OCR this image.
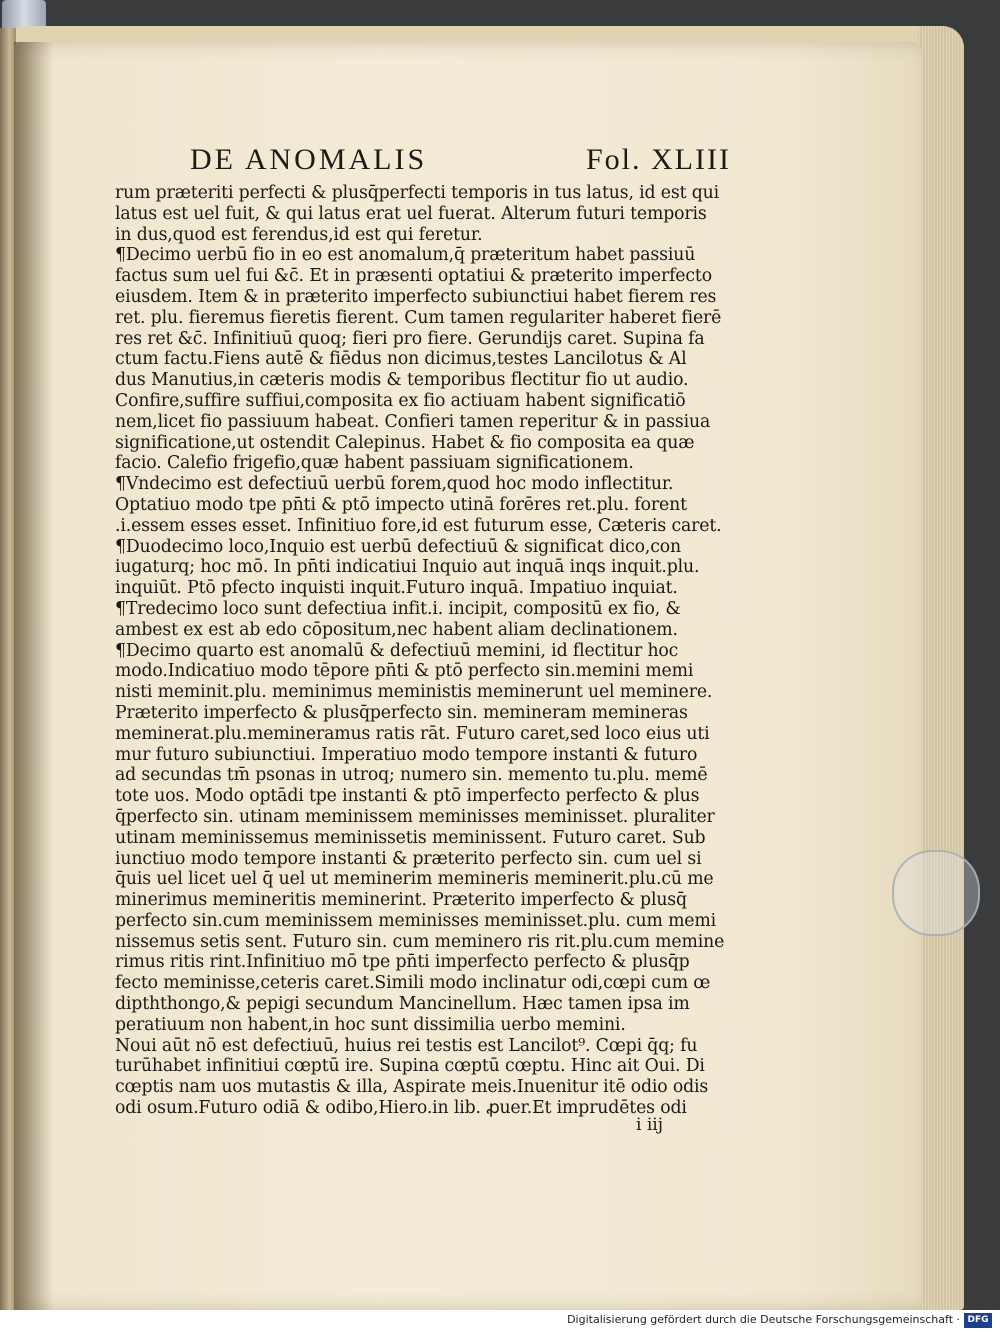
DE ANOMALIS	Fol. XLIII
rum præteriti perfecti & plusq̄perfecti temporis in tus latus, id est qui
latus est uel fuit, & qui latus erat uel fuerat. Alterum futuri temporis
in dus,quod est ferendus,id est qui feretur.
¶Decimo uerbū fio in eo est anomalum,q̄ præteritum habet passiuū
factus sum uel fui &c̄. Et in præsenti optatiui & præterito imperfecto
eiusdem. Item & in præterito imperfecto subiunctiui habet fierem res
ret. plu. fieremus fieretis fierent. Cum tamen regulariter haberet fierē
res ret &c̄. Infinitiuū quoq; fieri pro fiere. Gerundijs caret. Supina fa
ctum factu.Fiens autē & fiēdus non dicimus,testes Lancilotus & Al
dus Manutius,in cæteris modis & temporibus flectitur fio ut audio.
Confire,suffire suffiui,composita ex fio actiuam habent significatiō
nem,licet fio passiuum habeat. Confieri tamen reperitur & in passiua
significatione,ut ostendit Calepinus. Habet & fio composita ea quæ
facio. Calefio frigefio,quæ habent passiuam significationem.
¶Vndecimo est defectiuū uerbū forem,quod hoc modo inflectitur.
Optatiuo modo tpe pn̄ti & ptō impecto utinā forēres ret.plu. forent
.i.essem esses esset. Infinitiuo fore,id est futurum esse, Cæteris caret.
¶Duodecimo loco,Inquio est uerbū defectiuū & significat dico,con
iugaturq; hoc mō. In pn̄ti indicatiui Inquio aut inquā inqs inquit.plu.
inquiūt. Ptō pfecto inquisti inquit.Futuro inquā. Impatiuo inquiat.
¶Tredecimo loco sunt defectiua infit.i. incipit, compositū ex fio, &
ambest ex est ab edo cōpositum,nec habent aliam declinationem.
¶Decimo quarto est anomalū & defectiuū memini, id flectitur hoc
modo.Indicatiuo modo tēpore pn̄ti & ptō perfecto sin.memini memi
nisti meminit.plu. meminimus meministis meminerunt uel meminere.
Præterito imperfecto & plusq̄perfecto sin. memineram memineras
meminerat.plu.memineramus ratis rāt. Futuro caret,sed loco eius uti
mur futuro subiunctiui. Imperatiuo modo tempore instanti & futuro
ad secundas tm̄ psonas in utroq; numero sin. memento tu.plu. memē
tote uos. Modo optādi tpe instanti & ptō imperfecto perfecto & plus
q̄perfecto sin. utinam meminissem meminisses meminisset. pluraliter
utinam meminissemus meminissetis meminissent. Futuro caret. Sub
iunctiuo modo tempore instanti & præterito perfecto sin. cum uel si
q̄uis uel licet uel q̄ uel ut meminerim memineris meminerit.plu.cū me
minerimus memineritis meminerint. Præterito imperfecto & plusq̄
perfecto sin.cum meminissem meminisses meminisset.plu. cum memi
nissemus setis sent. Futuro sin. cum meminero ris rit.plu.cum memine
rimus ritis rint.Infinitiuo mō tpe pn̄ti imperfecto perfecto & plusq̄p
fecto meminisse,ceteris caret.Simili modo inclinatur odi,cœpi cum œ
dipththongo,& pepigi secundum Mancinellum. Hæc tamen ipsa im
peratiuum non habent,in hoc sunt dissimilia uerbo memini.
Noui aūt nō est defectiuū, huius rei testis est Lancilot⁹. Cœpi q̄q; fu
turūhabet infinitiui cœptū ire. Supina cœptū cœptu. Hinc ait Oui. Di
cœptis nam uos mutastis & illa, Aspirate meis.Inuenitur itē odio odis
odi osum.Futuro odiā & odibo,Hiero.in lib. ꝓuer.Et imprudētes odi
i iij
Digitalisierung gefördert durch die Deutsche Forschungsgemeinschaft · DFG
